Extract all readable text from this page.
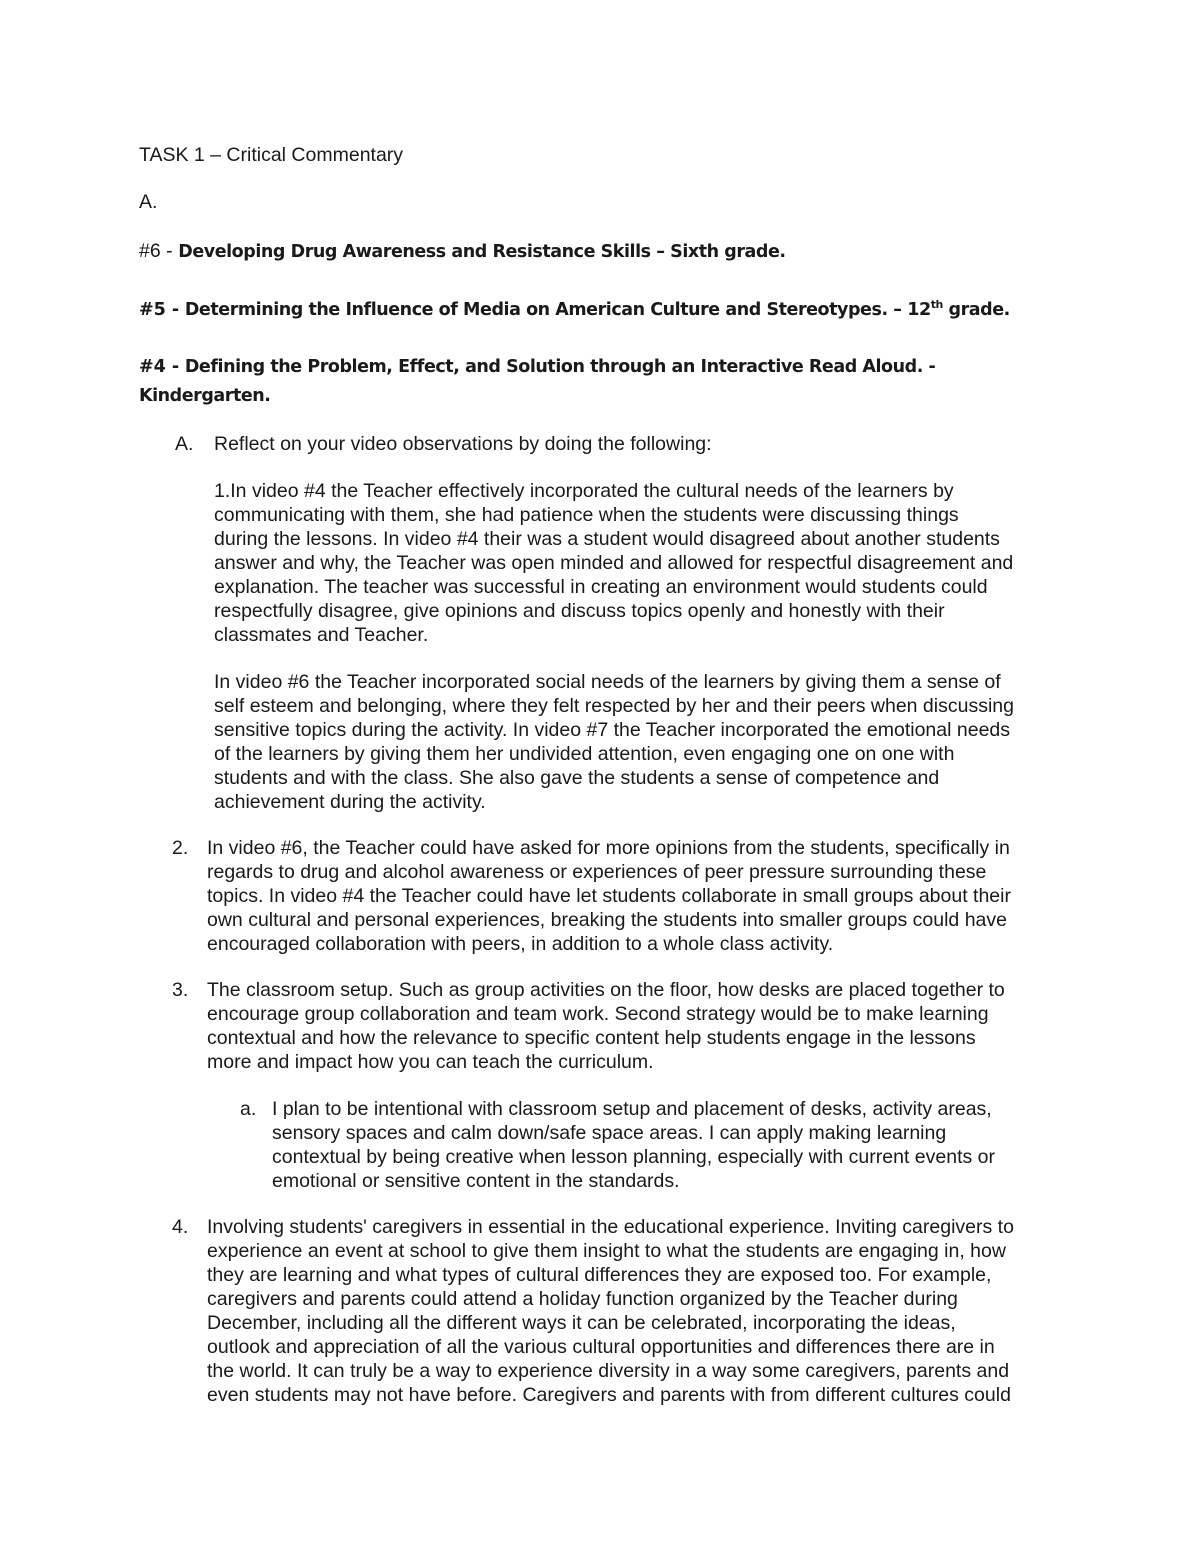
TASK 1 – Critical Commentary
A.
#6 - Developing Drug Awareness and Resistance Skills – Sixth grade.
#5 - Determining the Influence of Media on American Culture and Stereotypes. – 12th grade.
#4 - Defining the Problem, Effect, and Solution through an Interactive Read Aloud. -
Kindergarten.
A. Reflect on your video observations by doing the following:
1.In video #4 the Teacher effectively incorporated the cultural needs of the learners by
communicating with them, she had patience when the students were discussing things
during the lessons. In video #4 their was a student would disagreed about another students
answer and why, the Teacher was open minded and allowed for respectful disagreement and
explanation. The teacher was successful in creating an environment would students could
respectfully disagree, give opinions and discuss topics openly and honestly with their
classmates and Teacher.
In video #6 the Teacher incorporated social needs of the learners by giving them a sense of
self esteem and belonging, where they felt respected by her and their peers when discussing
sensitive topics during the activity. In video #7 the Teacher incorporated the emotional needs
of the learners by giving them her undivided attention, even engaging one on one with
students and with the class. She also gave the students a sense of competence and
achievement during the activity.
2. In video #6, the Teacher could have asked for more opinions from the students, specifically in
regards to drug and alcohol awareness or experiences of peer pressure surrounding these
topics. In video #4 the Teacher could have let students collaborate in small groups about their
own cultural and personal experiences, breaking the students into smaller groups could have
encouraged collaboration with peers, in addition to a whole class activity.
3. The classroom setup. Such as group activities on the floor, how desks are placed together to
encourage group collaboration and team work. Second strategy would be to make learning
contextual and how the relevance to specific content help students engage in the lessons
more and impact how you can teach the curriculum.
a. I plan to be intentional with classroom setup and placement of desks, activity areas,
sensory spaces and calm down/safe space areas. I can apply making learning
contextual by being creative when lesson planning, especially with current events or
emotional or sensitive content in the standards.
4. Involving students' caregivers in essential in the educational experience. Inviting caregivers to
experience an event at school to give them insight to what the students are engaging in, how
they are learning and what types of cultural differences they are exposed too. For example,
caregivers and parents could attend a holiday function organized by the Teacher during
December, including all the different ways it can be celebrated, incorporating the ideas,
outlook and appreciation of all the various cultural opportunities and differences there are in
the world. It can truly be a way to experience diversity in a way some caregivers, parents and
even students may not have before. Caregivers and parents with from different cultures could
